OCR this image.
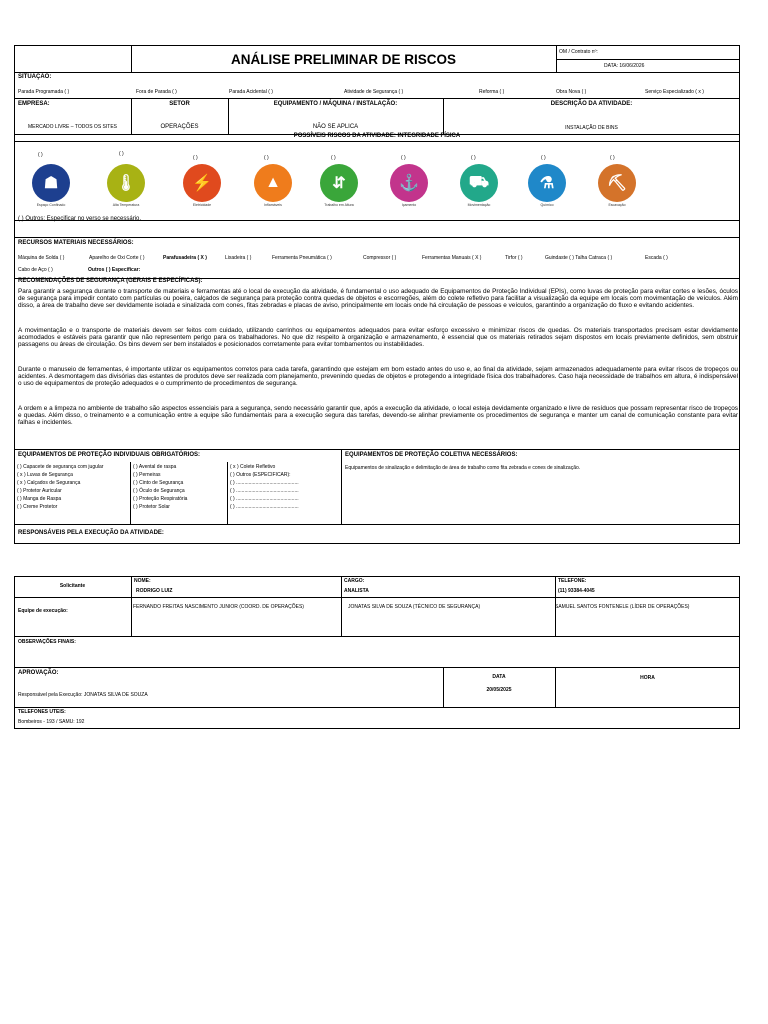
ANÁLISE PRELIMINAR DE RISCOS	OM / Contrato nº:
DATA: 16/06/2026
SITUAÇÃO:
Parada Programada ( )	Fora de Parada ( )	Parada Acidental ( )	Atividade de Segurança ( )	Reforma ( )	Obra Nova ( )	Serviço Especializado ( x )
EMPRESA:	SETOR	EQUIPAMENTO / MÁQUINA / INSTALAÇÃO:	DESCRIÇÃO DA ATIVIDADE:
MERCADO LIVRE – TODOS OS SITES	OPERAÇÕES	NÃO SE APLICA	INSTALAÇÃO DE BINS
POSSÍVEIS RISCOS DA ATIVIDADE: INTEGRIDADE FÍSICA
( )	( )
( )	( )	( )	( )	( )	( )	( )
☗
Espaço Confinado
🌡
Alta Temperatura
⚡
Eletricidade
▲
Inflamáveis
⇵
Trabalho em Altura
⚓
Içamento
⛟
Movimentação
⚗
Químico
⛏
Escavação
( ) Outros: Especificar no verso se necessário.
RECURSOS MATERIAIS NECESSÁRIOS:
Máquina de Solda ( )	Aparelho de Oxi Corte ( )	Parafusadeira ( X )	Lixadeira ( )	Ferramenta Pneumática ( )	Compressor ( )	Ferramentas Manuais ( X )	Tirfor ( )	Guindaste ( ) Talha Catraca ( )	Escada ( )
Cabo de Aço ( )	Outros ( ) Especificar:
RECOMENDAÇÕES DE SEGURANÇA (GERAIS E ESPECÍFICAS):
Para garantir a segurança durante o transporte de materiais e ferramentas até o local de execução da atividade, é fundamental o uso adequado de Equipamentos de Proteção Individual (EPIs), como luvas de proteção para evitar cortes e lesões, óculos de segurança para impedir contato com partículas ou poeira, calçados de segurança para proteção contra quedas de objetos e escorregões, além do colete refletivo para facilitar a visualização da equipe em locais com movimentação de veículos. Além disso, a área de trabalho deve ser devidamente isolada e sinalizada com cones, fitas zebradas e placas de aviso, principalmente em locais onde há circulação de pessoas e veículos, garantindo a organização do fluxo e evitando acidentes.
A movimentação e o transporte de materiais devem ser feitos com cuidado, utilizando carrinhos ou equipamentos adequados para evitar esforço excessivo e minimizar riscos de quedas. Os materiais transportados precisam estar devidamente acomodados e estáveis para garantir que não representem perigo para os trabalhadores. No que diz respeito à organização e armazenamento, é essencial que os materiais retirados sejam dispostos em locais previamente definidos, sem obstruir passagens ou áreas de circulação. Os bins devem ser bem instalados e posicionados corretamente para evitar tombamentos ou instabilidades.
Durante o manuseio de ferramentas, é importante utilizar os equipamentos corretos para cada tarefa, garantindo que estejam em bom estado antes do uso e, ao final da atividade, sejam armazenados adequadamente para evitar riscos de tropeços ou acidentes. A desmontagem das divisórias das estantes de produtos deve ser realizada com planejamento, prevenindo quedas de objetos e protegendo a integridade física dos trabalhadores. Caso haja necessidade de trabalhos em altura, é indispensável o uso de equipamentos de proteção adequados e o cumprimento de procedimentos de segurança.
A ordem e a limpeza no ambiente de trabalho são aspectos essenciais para a segurança, sendo necessário garantir que, após a execução da atividade, o local esteja devidamente organizado e livre de resíduos que possam representar risco de tropeços e quedas. Além disso, o treinamento e a comunicação entre a equipe são fundamentais para a execução segura das tarefas, devendo-se alinhar previamente os procedimentos de segurança e manter um canal de comunicação constante para evitar falhas e incidentes.
EQUIPAMENTOS DE PROTEÇÃO INDIVIDUAIS OBRIGATÓRIOS:	EQUIPAMENTOS DE PROTEÇÃO COLETIVA NECESSÁRIOS:
Equipamentos de sinalização e delimitação de área de trabalho como fita zebrada e cones de sinalização.
( ) Capacete de segurança com jugular
( x ) Luvas de Segurança
( x ) Calçados de Segurança
( ) Protetor Auricular
( ) Manga de Raspa
( ) Creme Protetor
( ) Avental de raspa
( ) Perneiras
( ) Cinto de Segurança
( ) Óculo de Segurança
( ) Proteção Respiratória
( ) Protetor Solar
( x ) Colete Refletivo
( ) Outros (ESPECIFICAR):
( ) .............................................
( ) .............................................
( ) .............................................
( ) .............................................
RESPONSÁVEIS PELA EXECUÇÃO DA ATIVIDADE:
Solicitante
NOME:
RODRIGO LUIZ
CARGO:
ANALISTA
TELEFONE:
(11) 93384-4045
Equipe de execução:
FERNANDO FREITAS NASCIMENTO JUNIOR (COORD. DE OPERAÇÕES)	JONATAS SILVA DE SOUZA (TÉCNICO DE SEGURANÇA)	SAMUEL SANTOS FONTENELE (LÍDER DE OPERAÇÕES)
OBSERVAÇÕES FINAIS:
APROVAÇÃO:
Responsável pela Execução: JONATAS SILVA DE SOUZA
DATA
20/05/2025
HORA
TELEFONES UTEIS:
Bombeiros - 193 / SAMU: 192
